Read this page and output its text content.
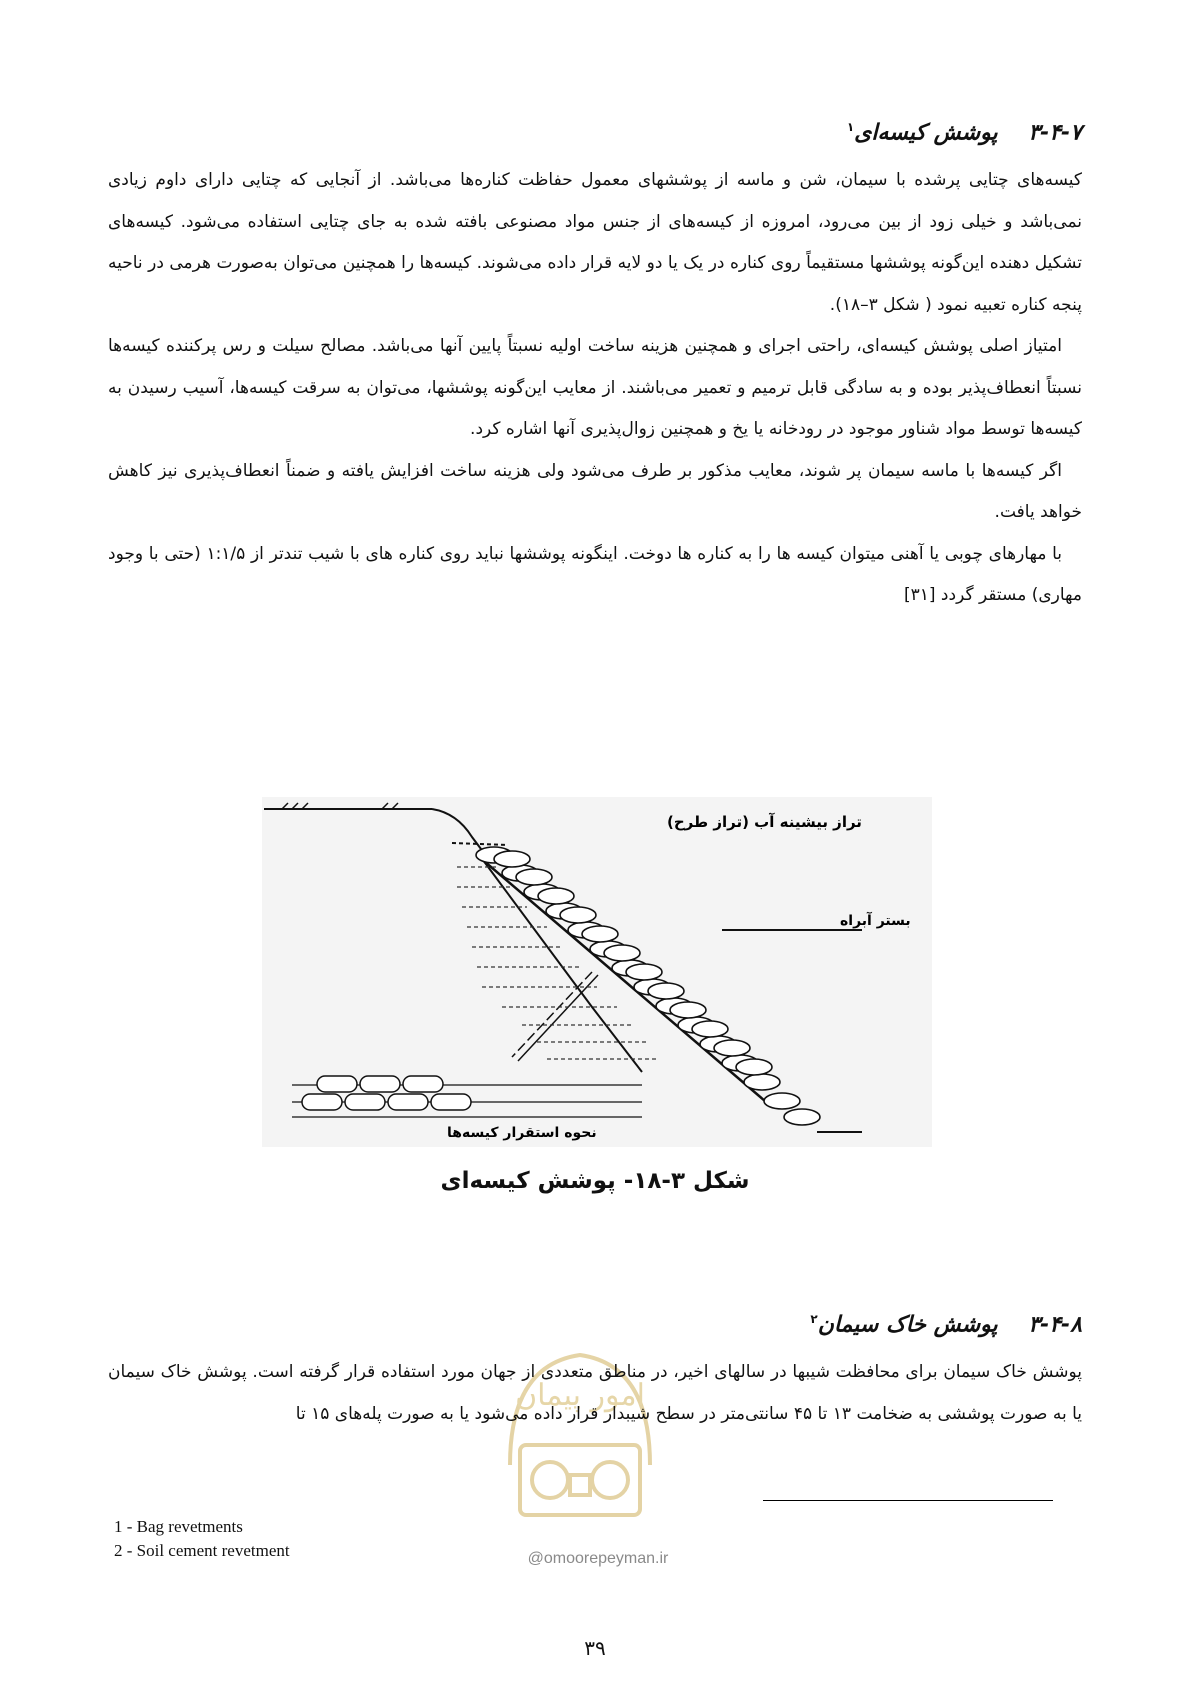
۳-۴-۷    پوشش کیسه‌ای$^۱$

کیسه‌های چتایی پرشده با سیمان، شن و ماسه از پوششهای معمول حفاظت کناره‌ها می‌باشد. از آنجایی که چتایی دارای داوم زیادی نمی‌باشد و خیلی زود از بین می‌رود، امروزه از کیسه‌های از جنس مواد مصنوعی بافته شده به جای چتایی استفاده می‌شود. کیسه‌های تشکیل دهنده این‌گونه پوششها مستقیماً روی کناره در یک یا دو لایه قرار داده می‌شوند. کیسه‌ها را همچنین می‌توان به‌صورت هرمی در ناحیه پنجه کناره تعبیه نمود ( شکل ۳–۱۸).

امتیاز اصلی پوشش کیسه‌ای، راحتی اجرای و همچنین هزینه ساخت اولیه نسبتاً پایین آنها می‌باشد. مصالح سیلت و رس پرکننده کیسه‌ها نسبتاً انعطاف‌پذیر بوده و به سادگی قابل ترمیم و تعمیر می‌باشند. از معایب این‌گونه پوششها، می‌توان به سرقت کیسه‌ها، آسیب رسیدن به کیسه‌ها توسط مواد شناور موجود در رودخانه یا یخ و همچنین زوال‌پذیری آنها اشاره کرد.

اگر کیسه‌ها با ماسه سیمان پر شوند، معایب مذکور بر طرف می‌شود ولی هزینه ساخت افزایش یافته و ضمناً انعطاف‌پذیری نیز کاهش خواهد یافت.

با مهارهای چوبی یا آهنی میتوان کیسه ها را به کناره ها دوخت. اینگونه پوششها نباید روی کناره های با شیب تندتر از ۱:۱/۵ (حتی با وجود مهاری) مستقر گردد [۳۱]

تراز بیشینه آب (تراز طرح)
بستر آبراه
نحوه استقرار کیسه‌ها
شکل ۳-۱۸- پوشش کیسه‌ای
۳-۴-۸    پوشش خاک سیمان$^۲$
امور پیمان

پوشش خاک سیمان برای محافظت شیبها در سالهای اخیر، در مناطق متعددی از جهان مورد استفاده قرار گرفته است. پوشش خاک سیمان یا به صورت پوششی به ضخامت ۱۳ تا ۴۵ سانتی‌متر در سطح شیبدار قرار داده می‌شود یا به صورت پله‌های ۱۵ تا

1 - Bag revetments
2 - Soil cement revetment	@omoorepeyman.ir
۳۹
